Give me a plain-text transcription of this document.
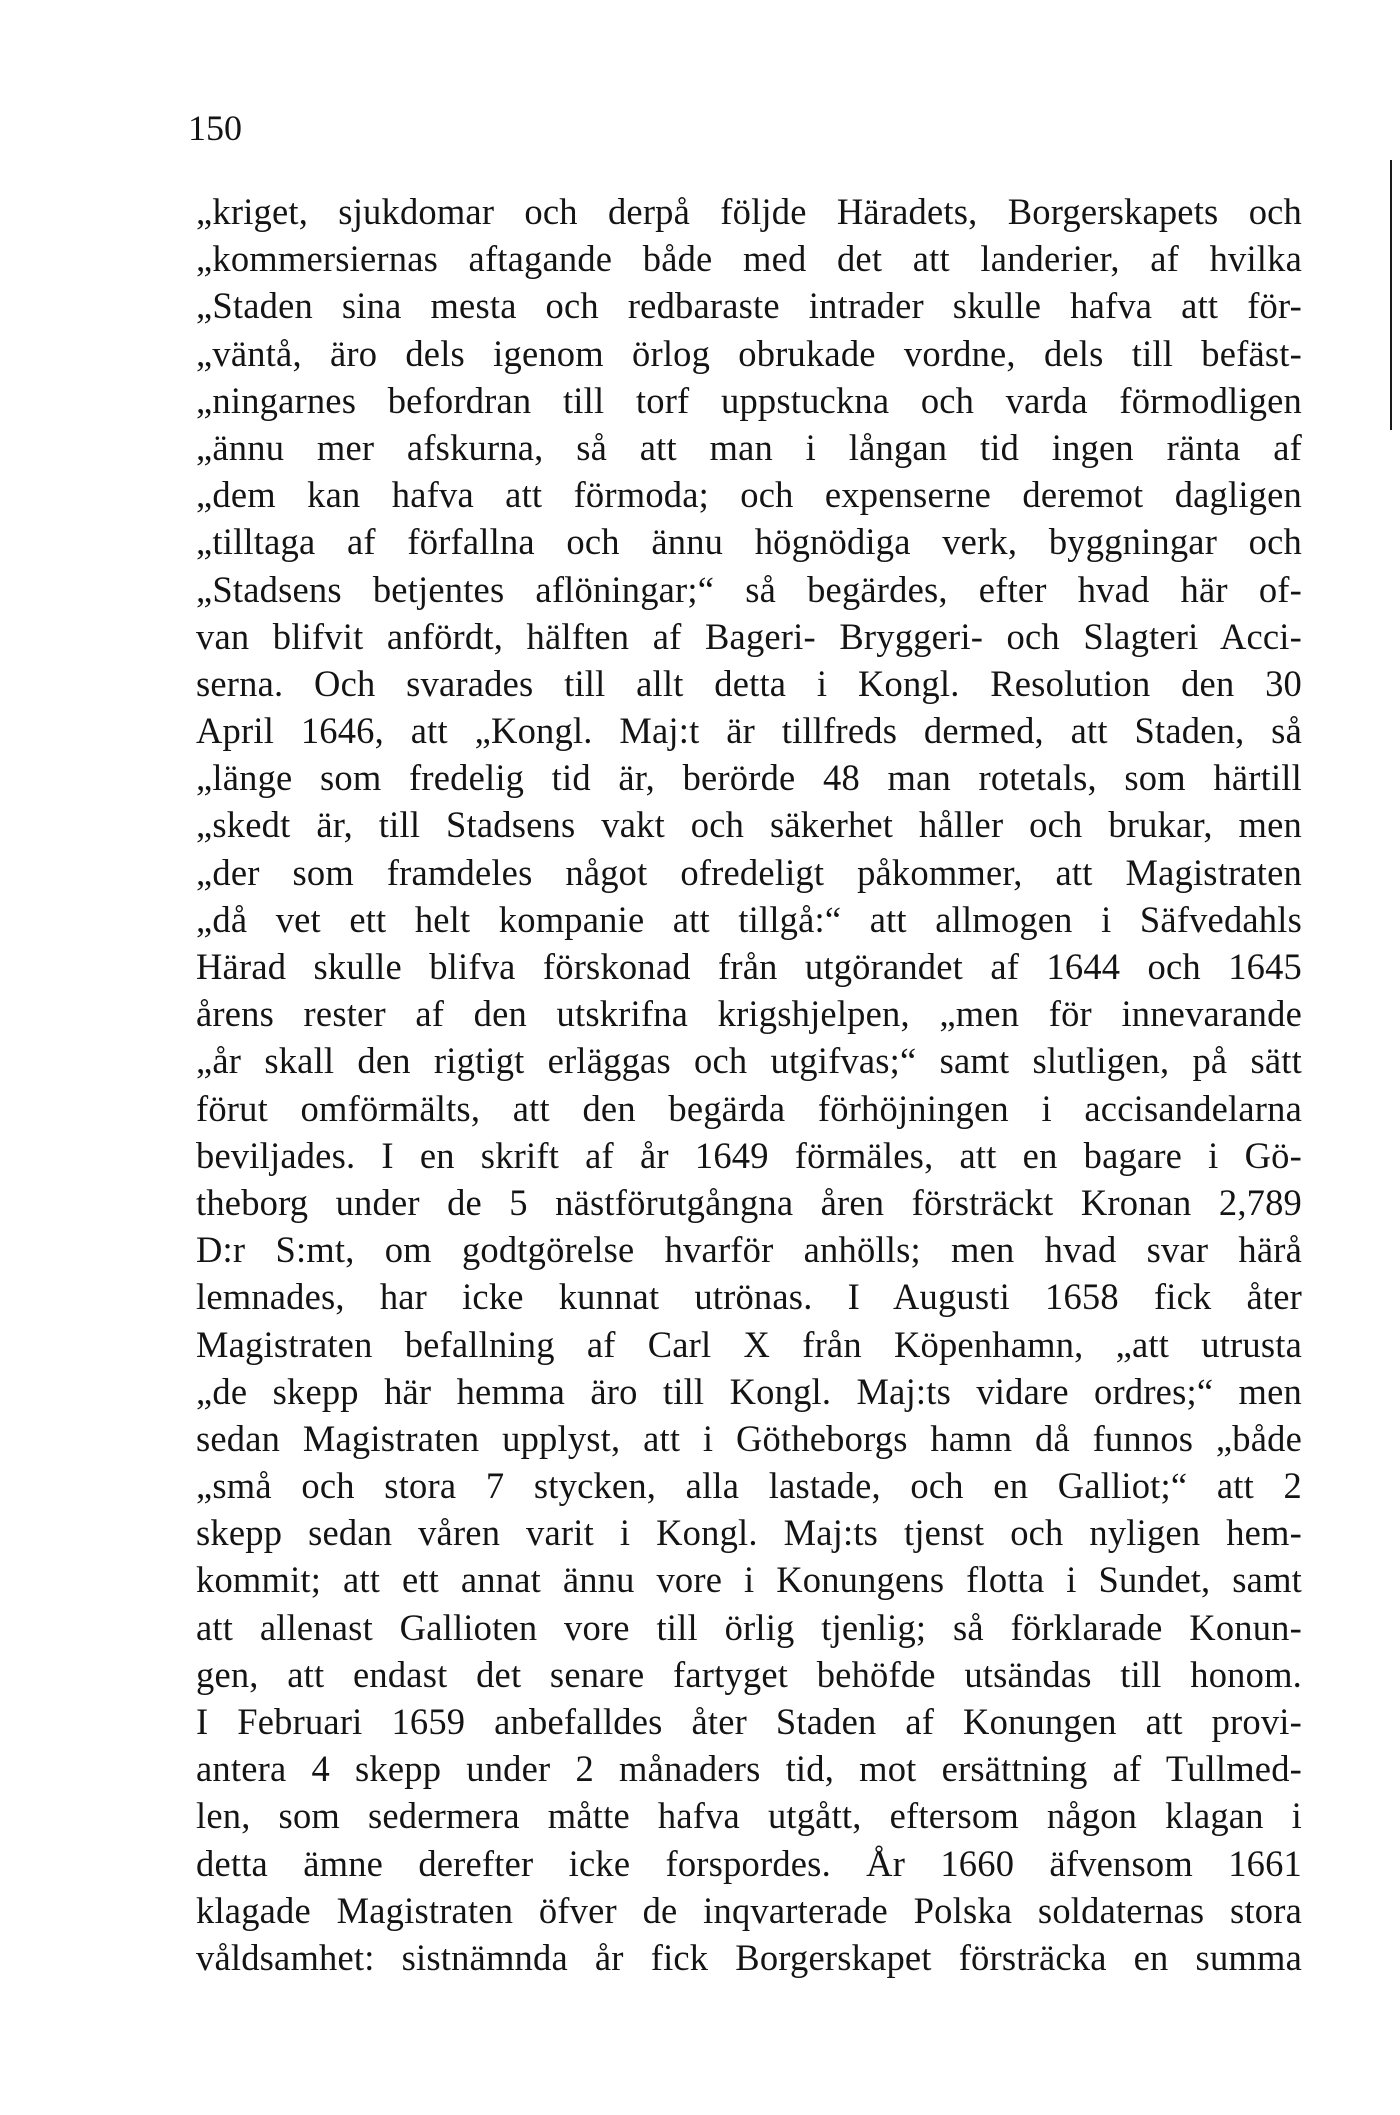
150
„kriget, sjukdomar och derpå följde Häradets, Borgerskapets och
„kommersiernas aftagande både med det att landerier, af hvilka
„Staden sina mesta och redbaraste intrader skulle hafva att för-
„väntå, äro dels igenom örlog obrukade vordne, dels till befäst-
„ningarnes befordran till torf uppstuckna och varda förmodligen
„ännu mer afskurna, så att man i långan tid ingen ränta af
„dem kan hafva att förmoda; och expenserne deremot dagligen
„tilltaga af förfallna och ännu högnödiga verk, byggningar och
„Stadsens betjentes aflöningar;“ så begärdes, efter hvad här of-
van blifvit anfördt, hälften af Bageri- Bryggeri- och Slagteri Acci-
serna. Och svarades till allt detta i Kongl. Resolution den 30
April 1646, att „Kongl. Maj:t är tillfreds dermed, att Staden, så
„länge som fredelig tid är, berörde 48 man rotetals, som härtill
„skedt är, till Stadsens vakt och säkerhet håller och brukar, men
„der som framdeles något ofredeligt påkommer, att Magistraten
„då vet ett helt kompanie att tillgå:“ att allmogen i Säfvedahls
Härad skulle blifva förskonad från utgörandet af 1644 och 1645
årens rester af den utskrifna krigshjelpen, „men för innevarande
„år skall den rigtigt erläggas och utgifvas;“ samt slutligen, på sätt
förut omförmälts, att den begärda förhöjningen i accisandelarna
beviljades. I en skrift af år 1649 förmäles, att en bagare i Gö-
theborg under de 5 nästförutgångna åren försträckt Kronan 2,789
D:r S:mt, om godtgörelse hvarför anhölls; men hvad svar härå
lemnades, har icke kunnat utrönas. I Augusti 1658 fick åter
Magistraten befallning af Carl X från Köpenhamn, „att utrusta
„de skepp här hemma äro till Kongl. Maj:ts vidare ordres;“ men
sedan Magistraten upplyst, att i Götheborgs hamn då funnos „både
„små och stora 7 stycken, alla lastade, och en Galliot;“ att 2
skepp sedan våren varit i Kongl. Maj:ts tjenst och nyligen hem-
kommit; att ett annat ännu vore i Konungens flotta i Sundet, samt
att allenast Gallioten vore till örlig tjenlig; så förklarade Konun-
gen, att endast det senare fartyget behöfde utsändas till honom.
I Februari 1659 anbefalldes åter Staden af Konungen att provi-
antera 4 skepp under 2 månaders tid, mot ersättning af Tullmed-
len, som sedermera måtte hafva utgått, eftersom någon klagan i
detta ämne derefter icke forspordes. År 1660 äfvensom 1661
klagade Magistraten öfver de inqvarterade Polska soldaternas stora
våldsamhet: sistnämnda år fick Borgerskapet försträcka en summa
